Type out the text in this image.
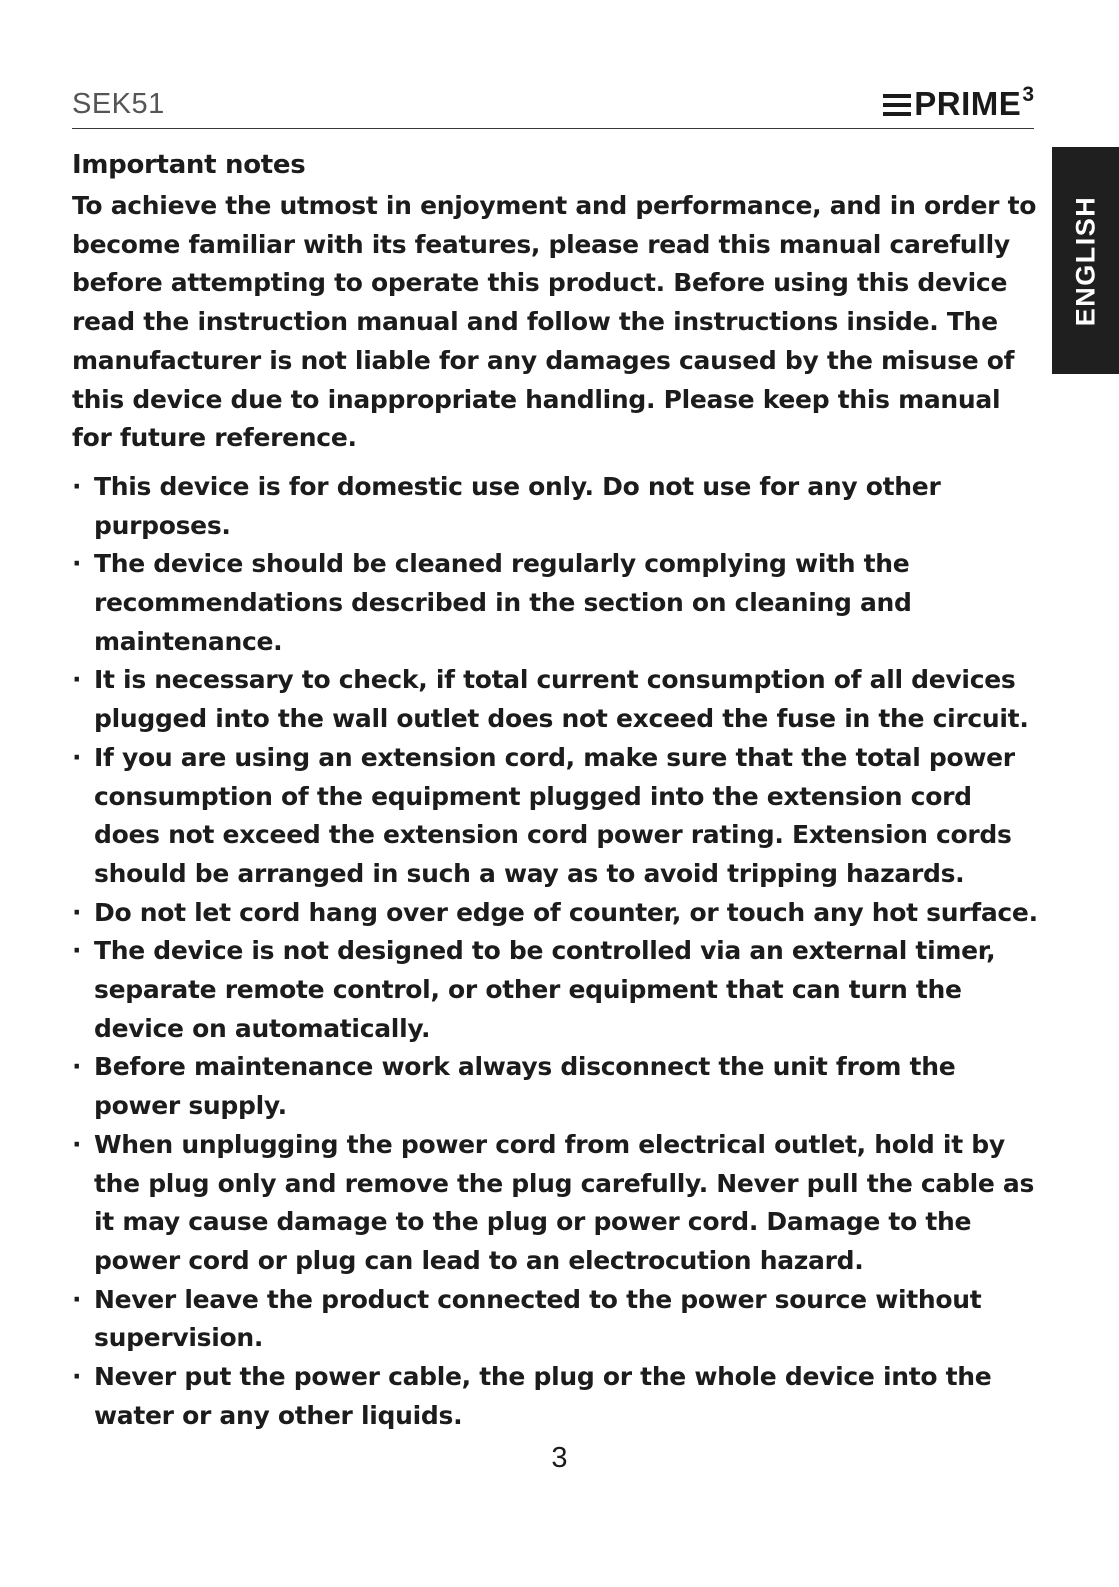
SEK51	PRIME 3
ENGLISH
Important notes

To achieve the utmost in enjoyment and performance, and in order to become familiar with its features, please read this manual carefully before attempting to operate this product. Before using this device read the instruction manual and follow the instructions inside. The manufacturer is not liable for any damages caused by the misuse of this device due to inappropriate handling. Please keep this manual for future reference.

· This device is for domestic use only. Do not use for any other purposes.
· The device should be cleaned regularly complying with the recommendations described in the section on cleaning and maintenance.
· It is necessary to check, if total current consumption of all devices plugged into the wall outlet does not exceed the fuse in the circuit.
· If you are using an extension cord, make sure that the total power consumption of the equipment plugged into the extension cord does not exceed the extension cord power rating. Extension cords should be arranged in such a way as to avoid tripping hazards.
· Do not let cord hang over edge of counter, or touch any hot surface.
· The device is not designed to be controlled via an external timer, separate remote control, or other equipment that can turn the device on automatically.
· Before maintenance work always disconnect the unit from the power supply.
· When unplugging the power cord from electrical outlet, hold it by the plug only and remove the plug carefully. Never pull the cable as it may cause damage to the plug or power cord. Damage to the power cord or plug can lead to an electrocution hazard.
· Never leave the product connected to the power source without supervision.
· Never put the power cable, the plug or the whole device into the water or any other liquids.
3
